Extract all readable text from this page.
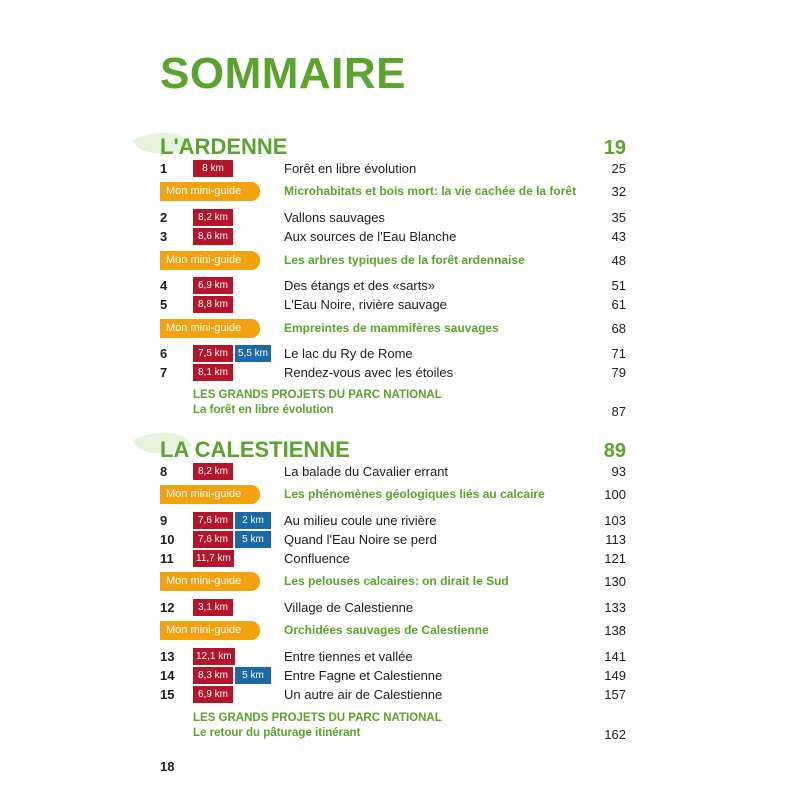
SOMMAIRE
L'ARDENNE	19
1	8 km	Forêt en libre évolution	25
Mon mini-guide	Microhabitats et bois mort: la vie cachée de la forêt	32
2	8,2 km	Vallons sauvages	35
3	8,6 km	Aux sources de l'Eau Blanche	43
Mon mini-guide	Les arbres typiques de la forêt ardennaise	48
4	6,9 km	Des étangs et des «sarts»	51
5	8,8 km	L'Eau Noire, rivière sauvage	61
Mon mini-guide	Empreintes de mammifères sauvages	68
6	7,5 km	5,5 km Le lac du Ry de Rome	71
7	8,1 km	Rendez-vous avec les étoiles	79
LES GRANDS PROJETS DU PARC NATIONAL
La forêt en libre évolution	87
LA CALESTIENNE	89
8	8,2 km	La balade du Cavalier errant	93
Mon mini-guide	Les phénomènes géologiques liés au calcaire	100
9	7,6 km	2 km	Au milieu coule une rivière	103
10	7,6 km	5 km	Quand l'Eau Noire se perd	113
11	11,7 km	Confluence	121
Mon mini-guide	Les pelouses calcaires: on dirait le Sud	130
12	3,1 km	Village de Calestienne	133
Mon mini-guide	Orchidées sauvages de Calestienne	138
13	12,1 km	Entre tiennes et vallée	141
14	8,3 km	5 km	Entre Fagne et Calestienne	149
15	6,9 km	Un autre air de Calestienne	157
LES GRANDS PROJETS DU PARC NATIONAL
Le retour du pâturage itinérant	162
18
